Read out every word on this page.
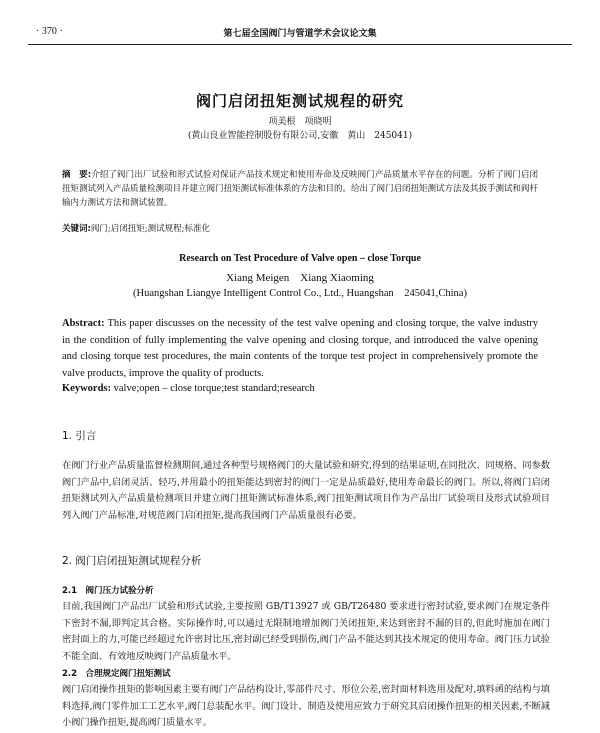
· 370 ·	第七届全国阀门与管道学术会议论文集
阀门启闭扭矩测试规程的研究
项美根　项晓明
(黄山良业智能控制股份有限公司,安徽　黄山　245041)
摘　要:介绍了阀门出厂试验和形式试验对保证产品技术规定和使用寿命及反映阀门产品质量水平存在的问题。分析了阀门启闭扭矩测试列入产品质量检测项目并建立阀门扭矩测试标准体系的方法和目的。给出了阀门启闭扭矩测试方法及其扳手测试和阀杆输内力测试方法和测试装置。
关键词:阀门;启闭扭矩;测试规程;标准化
Research on Test Procedure of Valve open – close Torque
Xiang Meigen　Xiang Xiaoming
(Huangshan Liangye Intelligent Control Co., Ltd., Huangshan　245041,China)
Abstract: This paper discusses on the necessity of the test valve opening and closing torque, the valve industry in the condition of fully implementing the valve opening and closing torque, and introduced the valve opening and closing torque test procedures, the main contents of the torque test project in comprehensively promote the valve products, improve the quality of products.
Keywords: valve;open – close torque;test standard;research
1. 引言
在阀门行业产品质量监督检测期间,通过各种型号规格阀门的大量试验和研究,得到的结果证明,在同批次、同规格、同参数阀门产品中,启闭灵活、轻巧,并用最小的扭矩能达到密封的阀门一定是品质最好,使用寿命最长的阀门。所以,将阀门启闭扭矩测试列入产品质量检测项目并建立阀门扭矩测试标准体系,阀门扭矩测试项目作为产品出厂试验项目及形式试验项目列入阀门产品标准,对规范阀门启闭扭矩,提高我国阀门产品质量很有必要。
2. 阀门启闭扭矩测试规程分析
2.1　阀门压力试验分析
目前,我国阀门产品出厂试验和形式试验,主要按照 GB/T13927 或 GB/T26480 要求进行密封试验,要求阀门在规定条件下密封不漏,即判定其合格。实际操作时,可以通过无限制地增加阀门关闭扭矩,来达到密封不漏的目的,但此时施加在阀门密封面上的力,可能已经超过允许密封比压,密封副已经受到损伤,阀门产品不能达到其技术规定的使用寿命。阀门压力试验不能全面、有效地反映阀门产品质量水平。
2.2　合理规定阀门扭矩测试
阀门启闭操作扭矩的影响因素主要有阀门产品结构设计,零部件尺寸、形位公差,密封面材料选用及配对,填料函的结构与填料选择,阀门零件加工工艺水平,阀门总装配水平。阀门设计、制造及使用应致力于研究其启闭操作扭矩的相关因素,不断减小阀门操作扭矩,提高阀门质量水平。
